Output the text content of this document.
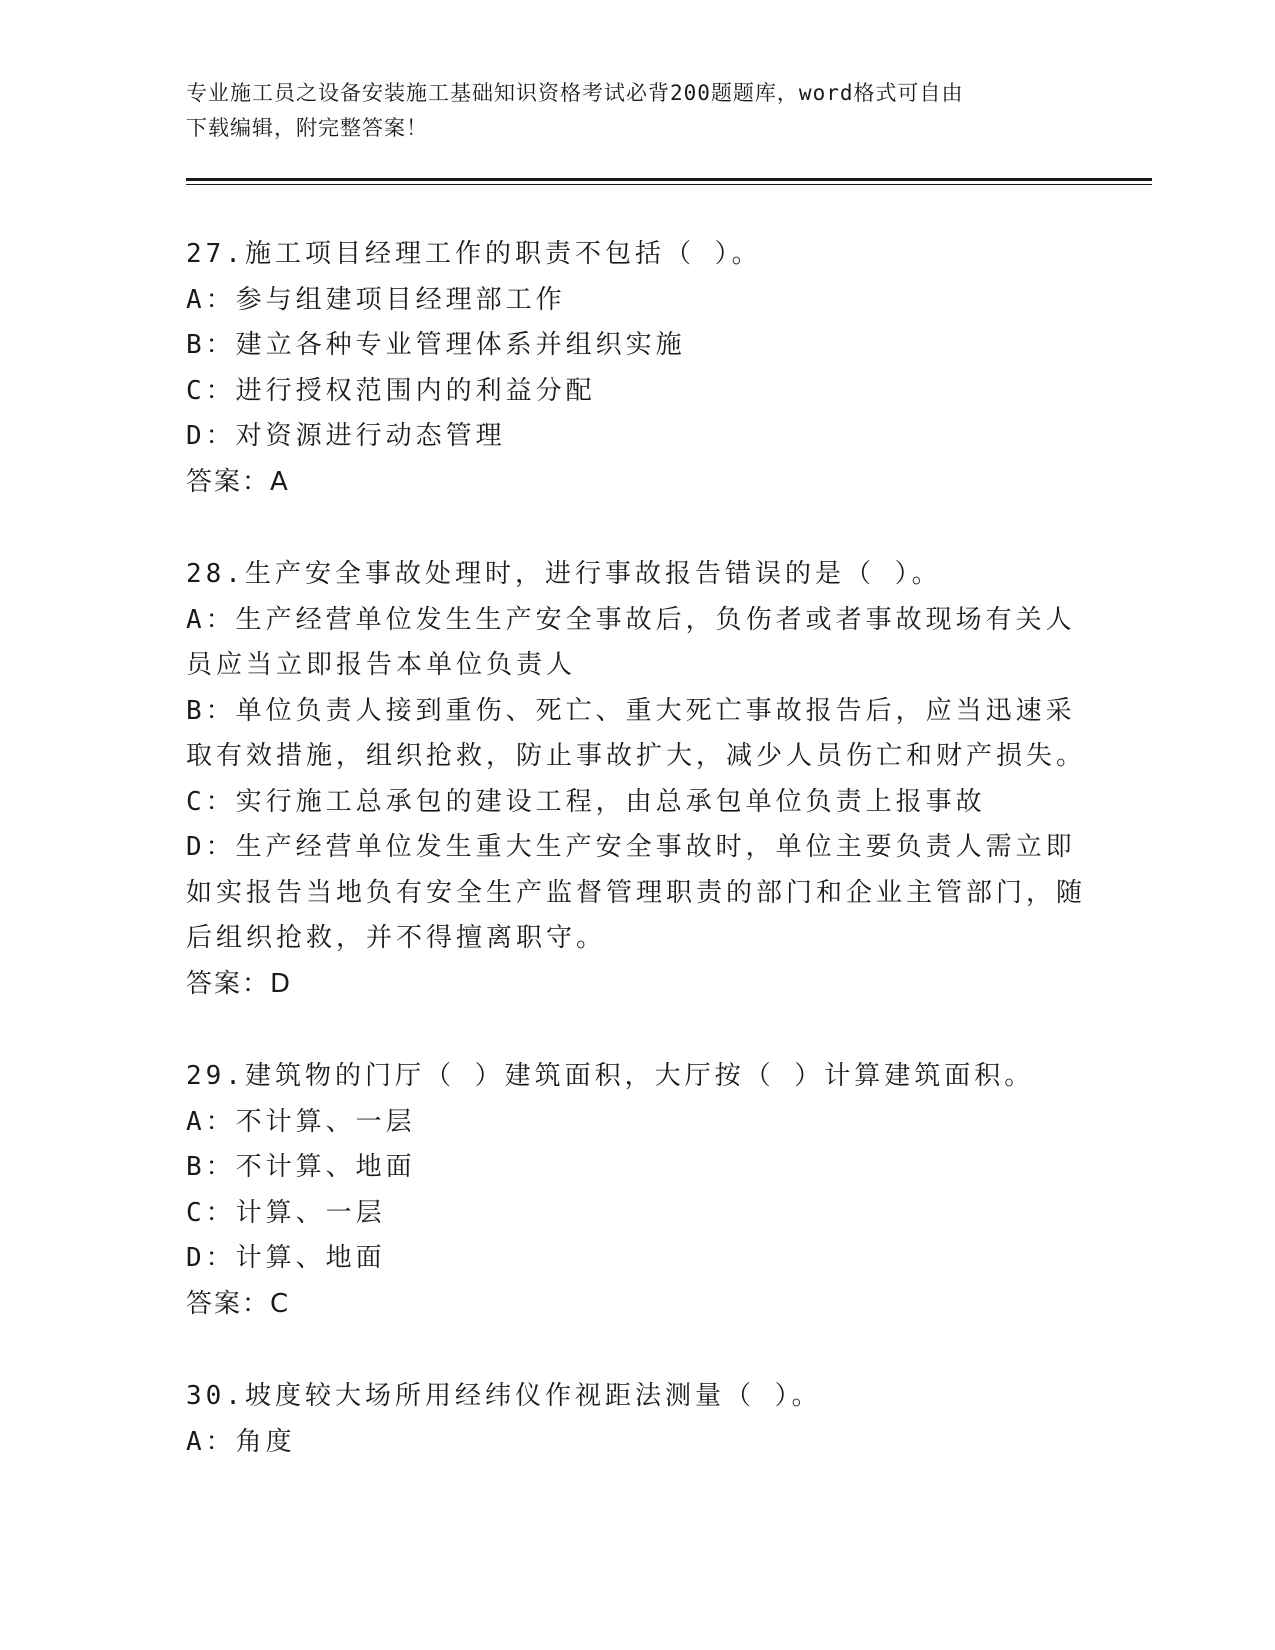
专业施工员之设备安装施工基础知识资格考试必背200题题库，word格式可自由
下载编辑，附完整答案！

27.施工项目经理工作的职责不包括（ ）。

A：参与组建项目经理部工作

B：建立各种专业管理体系并组织实施

C：进行授权范围内的利益分配

D：对资源进行动态管理

答案：A

28.生产安全事故处理时，进行事故报告错误的是（ ）。

A：生产经营单位发生生产安全事故后，负伤者或者事故现场有关人员应当立即报告本单位负责人

B：单位负责人接到重伤、死亡、重大死亡事故报告后，应当迅速采取有效措施，组织抢救，防止事故扩大，减少人员伤亡和财产损失。

C：实行施工总承包的建设工程，由总承包单位负责上报事故

D：生产经营单位发生重大生产安全事故时，单位主要负责人需立即如实报告当地负有安全生产监督管理职责的部门和企业主管部门，随后组织抢救，并不得擅离职守。

答案：D

29.建筑物的门厅（ ）建筑面积，大厅按（ ）计算建筑面积。

A：不计算、一层

B：不计算、地面

C：计算、一层

D：计算、地面

答案：C

30.坡度较大场所用经纬仪作视距法测量（ ）。

A：角度
